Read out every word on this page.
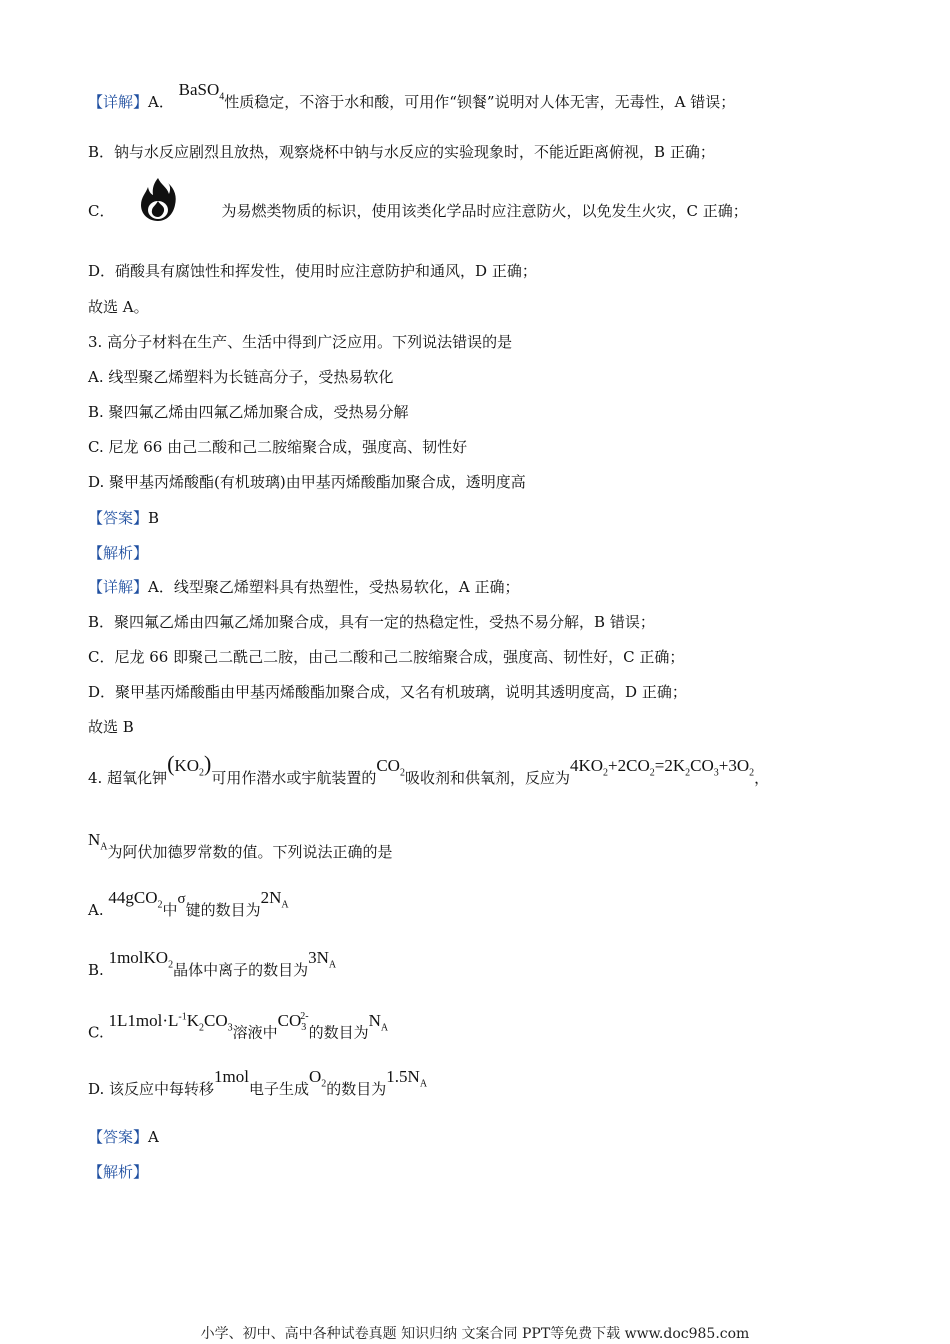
【详解】A． BaSO$_4$性质稳定，不溶于水和酸，可用作“钡餐”说明对人体无害，无毒性，A 错误；
B．钠与水反应剧烈且放热，观察烧杯中钠与水反应的实验现象时，不能近距离俯视，B 正确；
C．	为易燃类物质的标识，使用该类化学品时应注意防火，以免发生火灾，C 正确；
D．硝酸具有腐蚀性和挥发性，使用时应注意防护和通风，D 正确；
故选 A。
3. 高分子材料在生产、生活中得到广泛应用。下列说法错误的是
A. 线型聚乙烯塑料为长链高分子，受热易软化
B. 聚四氟乙烯由四氟乙烯加聚合成，受热易分解
C. 尼龙 66 由己二酸和己二胺缩聚合成，强度高、韧性好
D. 聚甲基丙烯酸酯(有机玻璃)由甲基丙烯酸酯加聚合成，透明度高
【答案】B
【解析】
【详解】A．线型聚乙烯塑料具有热塑性，受热易软化，A 正确；
B．聚四氟乙烯由四氟乙烯加聚合成，具有一定的热稳定性，受热不易分解，B 错误；
C．尼龙 66 即聚己二酰己二胺，由己二酸和己二胺缩聚合成，强度高、韧性好，C 正确；
D．聚甲基丙烯酸酯由甲基丙烯酸酯加聚合成，又名有机玻璃，说明其透明度高，D 正确；
故选 B
4. 超氧化钾$(KO_2)$可用作潜水或宇航装置的$CO_2$吸收剂和供氧剂，反应为$4KO_2+2CO_2=2K_2CO_3+3O_2$，
$N_A$为阿伏加德罗常数的值。下列说法正确的是
A. 44gCO$_2$中σ键的数目为$2N_A$
B. 1molKO$_2$晶体中离子的数目为$3N_A$
C. $1L1mol\cdot L^{-1}K_2CO_3$溶液中$CO_3^{2-}$的数目为$N_A$
D. 该反应中每转移1mol电子生成$O_2$的数目为$1.5N_A$
【答案】A
【解析】
小学、初中、高中各种试卷真题 知识归纳 文案合同 PPT等免费下载 www.doc985.com
